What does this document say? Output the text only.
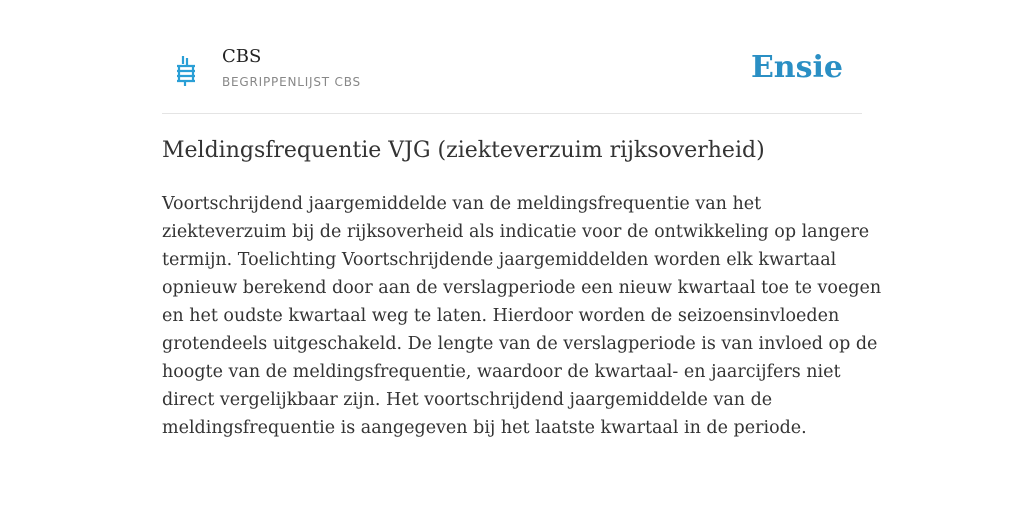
CBS
BEGRIPPENLIJST CBS	Ensie
Meldingsfrequentie VJG (ziekteverzuim rijksoverheid)

Voortschrijdend jaargemiddelde van de meldingsfrequentie van het
ziekteverzuim bij de rijksoverheid als indicatie voor de ontwikkeling op langere
termijn. Toelichting Voortschrijdende jaargemiddelden worden elk kwartaal
opnieuw berekend door aan de verslagperiode een nieuw kwartaal toe te voegen
en het oudste kwartaal weg te laten. Hierdoor worden de seizoensinvloeden
grotendeels uitgeschakeld. De lengte van de verslagperiode is van invloed op de
hoogte van de meldingsfrequentie, waardoor de kwartaal- en jaarcijfers niet
direct vergelijkbaar zijn. Het voortschrijdend jaargemiddelde van de
meldingsfrequentie is aangegeven bij het laatste kwartaal in de periode.
